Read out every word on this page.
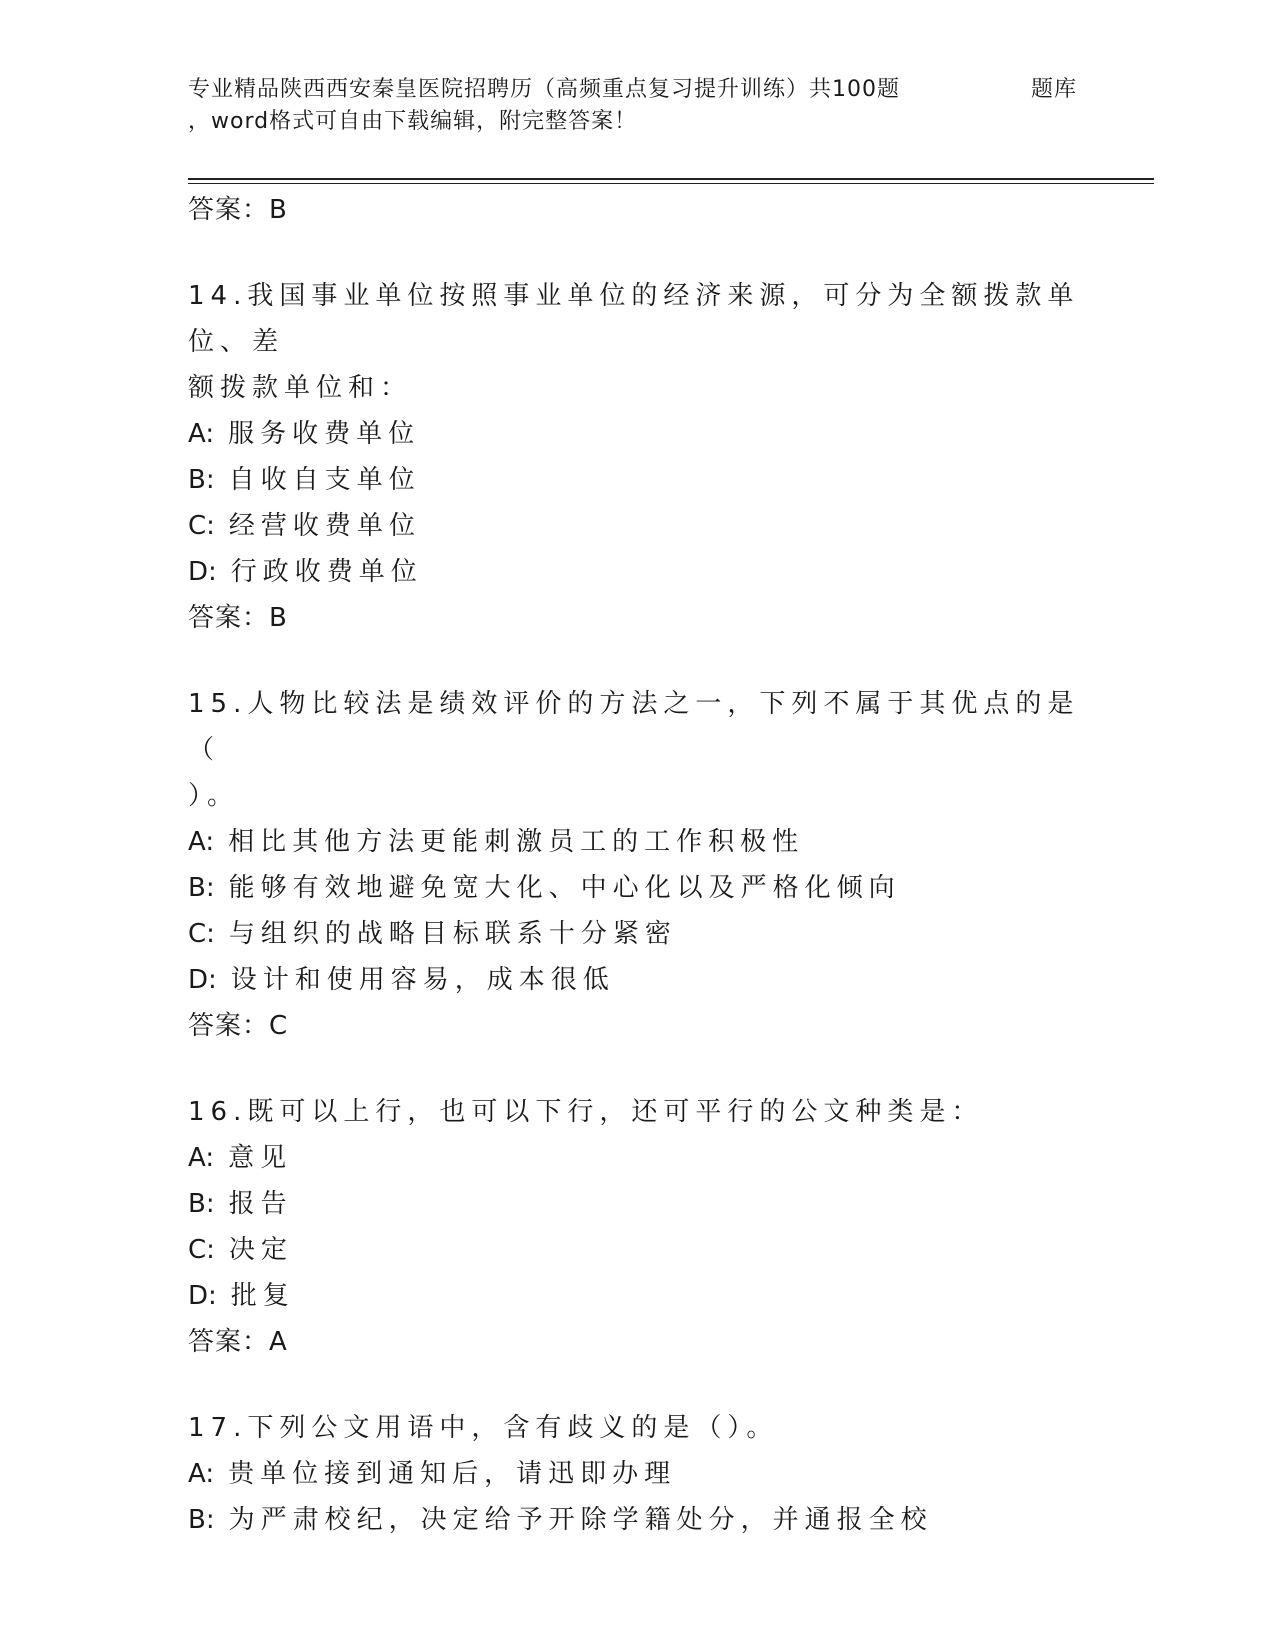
专业精品陕西西安秦皇医院招聘历（高频重点复习提升训练）共100题	题库
，word格式可自由下载编辑，附完整答案！
答案：B
14.我国事业单位按照事业单位的经济来源，可分为全额拨款单位、差
额拨款单位和：
A: 服务收费单位
B: 自收自支单位
C: 经营收费单位
D: 行政收费单位
答案：B
15.人物比较法是绩效评价的方法之一，下列不属于其优点的是（
）。
A: 相比其他方法更能刺激员工的工作积极性
B: 能够有效地避免宽大化、中心化以及严格化倾向
C: 与组织的战略目标联系十分紧密
D: 设计和使用容易，成本很低
答案：C
16.既可以上行，也可以下行，还可平行的公文种类是：
A: 意见
B: 报告
C: 决定
D: 批复
答案：A
17.下列公文用语中，含有歧义的是（）。
A: 贵单位接到通知后，请迅即办理
B: 为严肃校纪，决定给予开除学籍处分，并通报全校
